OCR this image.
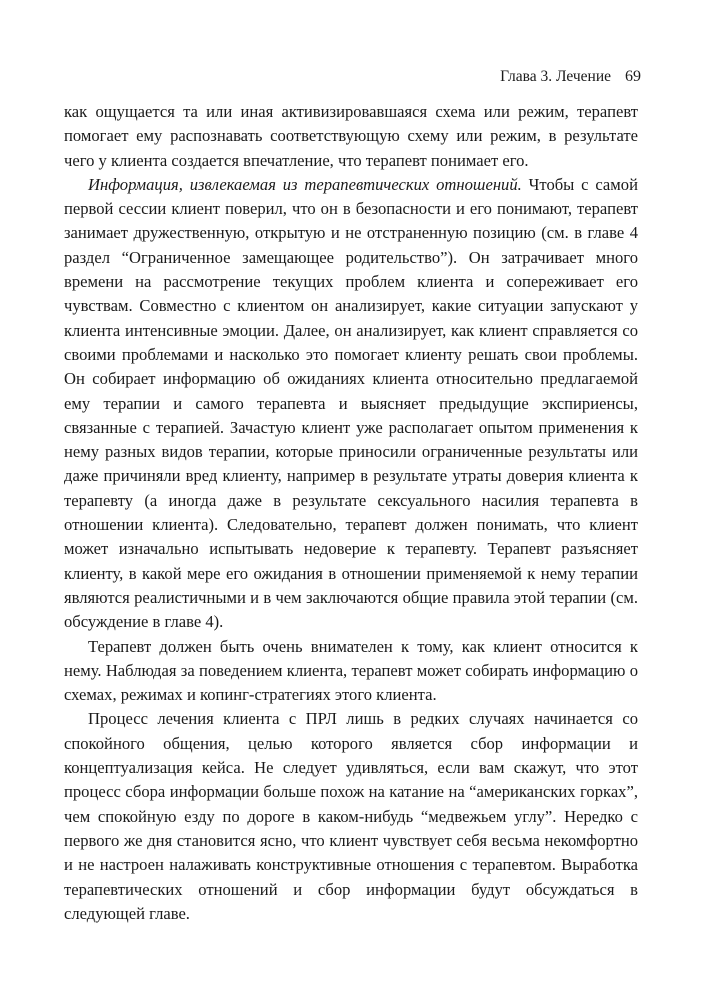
Глава 3. Лечение 69

как ощущается та или иная активизировавшаяся схема или режим, терапевт помогает ему распознавать соответствующую схему или режим, в результате чего у клиента создается впечатление, что терапевт понимает его.

Информация, извлекаемая из терапевтических отношений. Чтобы с самой первой сессии клиент поверил, что он в безопасности и его понимают, терапевт занимает дружественную, открытую и не отстраненную позицию (см. в главе 4 раздел “Ограниченное замещающее родительство”). Он затрачивает много времени на рассмотрение текущих проблем клиента и сопереживает его чувствам. Совместно с клиентом он анализирует, какие ситуации запускают у клиента интенсивные эмоции. Далее, он анализирует, как клиент справляется со своими проблемами и насколько это помогает клиенту решать свои проблемы. Он собирает информацию об ожиданиях клиента относительно предлагаемой ему терапии и самого терапевта и выясняет предыдущие экспириенсы, связанные с терапией. Зачастую клиент уже располагает опытом применения к нему разных видов терапии, которые приносили ограниченные результаты или даже причиняли вред клиенту, например в результате утраты доверия клиента к терапевту (а иногда даже в результате сексуального насилия терапевта в отношении клиента). Следовательно, терапевт должен понимать, что клиент может изначально испытывать недоверие к терапевту. Терапевт разъясняет клиенту, в какой мере его ожидания в отношении применяемой к нему терапии являются реалистичными и в чем заключаются общие правила этой терапии (см. обсуждение в главе 4).

Терапевт должен быть очень внимателен к тому, как клиент относится к нему. Наблюдая за поведением клиента, терапевт может собирать информацию о схемах, режимах и копинг-стратегиях этого клиента.

Процесс лечения клиента с ПРЛ лишь в редких случаях начинается со спокойного общения, целью которого является сбор информации и концептуализация кейса. Не следует удивляться, если вам скажут, что этот процесс сбора информации больше похож на катание на “американских горках”, чем спокойную езду по дороге в каком-нибудь “медвежьем углу”. Нередко с первого же дня становится ясно, что клиент чувствует себя весьма некомфортно и не настроен налаживать конструктивные отношения с терапевтом. Выработка терапевтических отношений и сбор информации будут обсуждаться в следующей главе.
